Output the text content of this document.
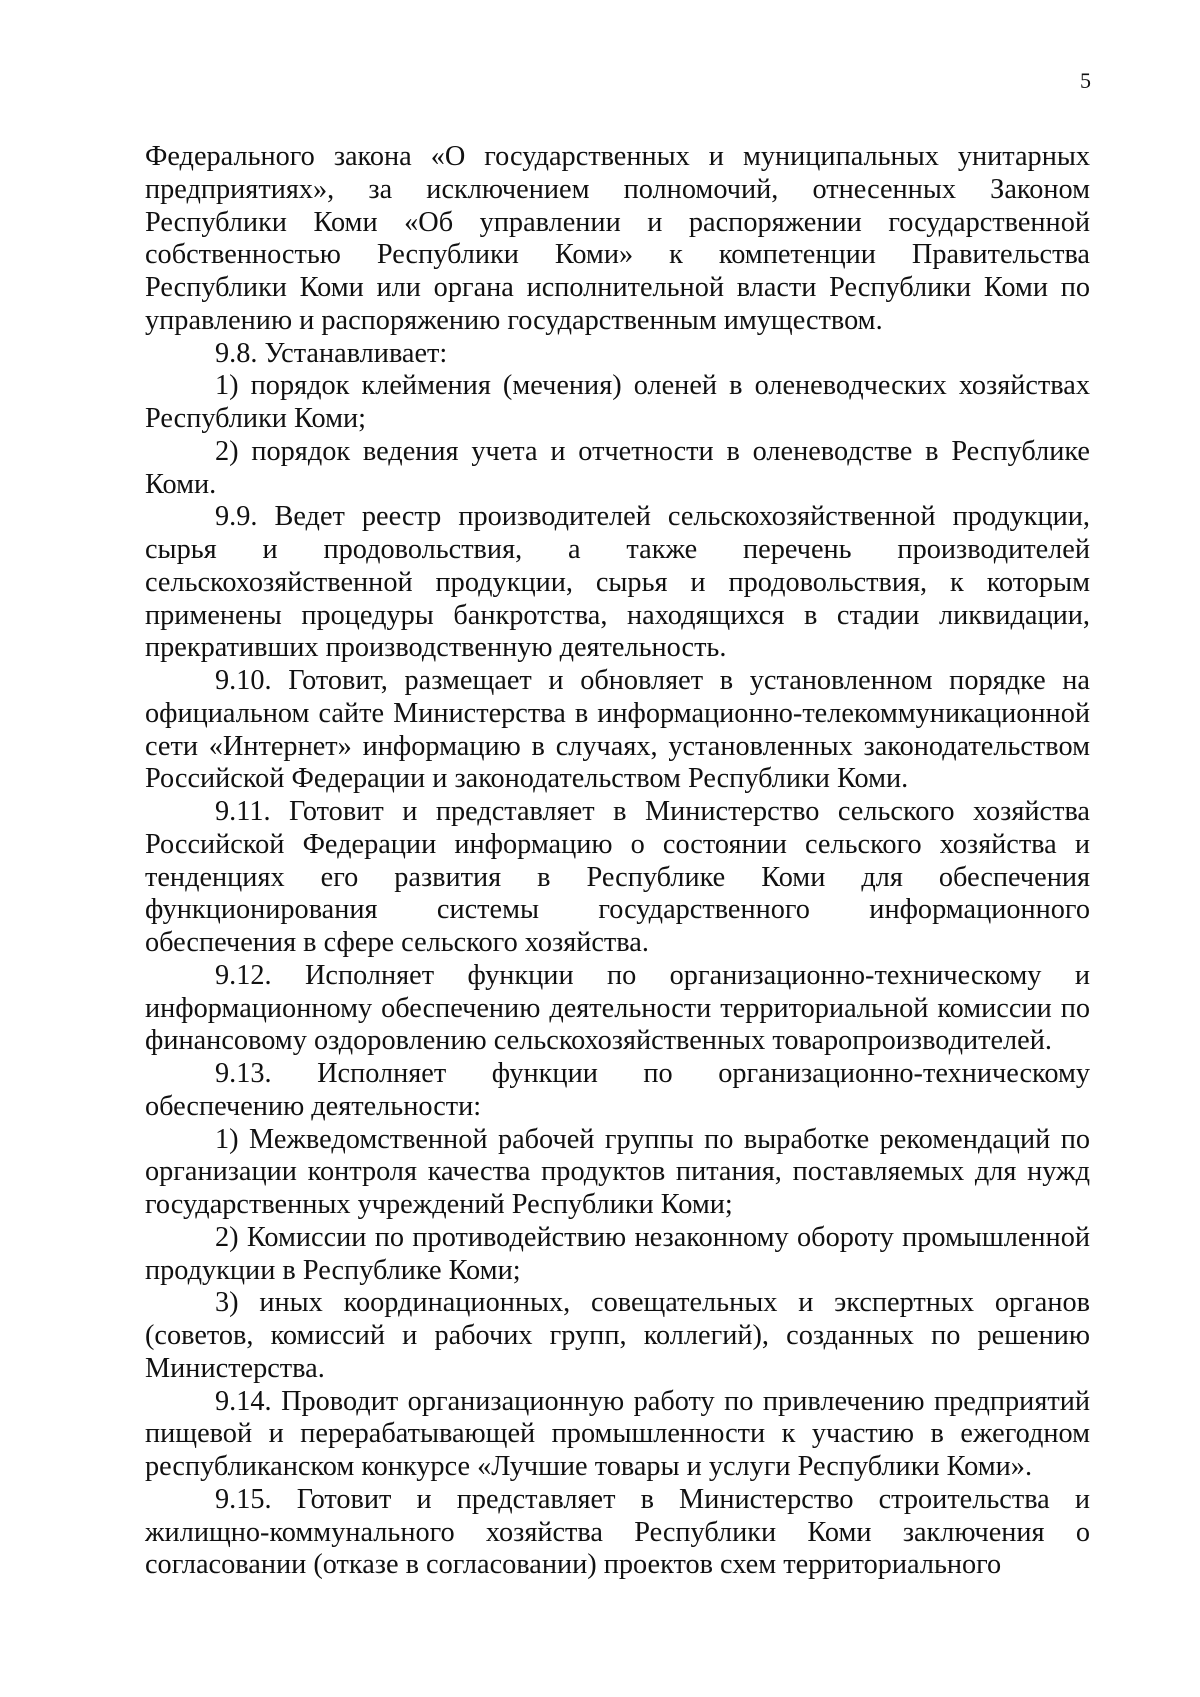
5

Федерального закона «О государственных и муниципальных унитарных предприятиях», за исключением полномочий, отнесенных Законом Республики Коми «Об управлении и распоряжении государственной собственностью Республики Коми» к компетенции Правительства Республики Коми или органа исполнительной власти Республики Коми по управлению и распоряжению государственным имуществом.

9.8. Устанавливает:

1) порядок клеймения (мечения) оленей в оленеводческих хозяйствах Республики Коми;

2) порядок ведения учета и отчетности в оленеводстве в Республике Коми.

9.9. Ведет реестр производителей сельскохозяйственной продукции, сырья и продовольствия, а также перечень производителей сельскохозяйственной продукции, сырья и продовольствия, к которым применены процедуры банкротства, находящихся в стадии ликвидации, прекративших производственную деятельность.

9.10. Готовит, размещает и обновляет в установленном порядке на официальном сайте Министерства в информационно-телекоммуникационной сети «Интернет» информацию в случаях, установленных законодательством Российской Федерации и законодательством Республики Коми.

9.11. Готовит и представляет в Министерство сельского хозяйства Российской Федерации информацию о состоянии сельского хозяйства и тенденциях его развития в Республике Коми для обеспечения функционирования системы государственного информационного обеспечения в сфере сельского хозяйства.

9.12. Исполняет функции по организационно-техническому и информационному обеспечению деятельности территориальной комиссии по финансовому оздоровлению сельскохозяйственных товаропроизводителей.

9.13. Исполняет функции по организационно-техническому обеспечению деятельности:

1) Межведомственной рабочей группы по выработке рекомендаций по организации контроля качества продуктов питания, поставляемых для нужд государственных учреждений Республики Коми;

2) Комиссии по противодействию незаконному обороту промышленной продукции в Республике Коми;

3) иных координационных, совещательных и экспертных органов (советов, комиссий и рабочих групп, коллегий), созданных по решению Министерства.

9.14. Проводит организационную работу по привлечению предприятий пищевой и перерабатывающей промышленности к участию в ежегодном республиканском конкурсе «Лучшие товары и услуги Республики Коми».

9.15. Готовит и представляет в Министерство строительства и жилищно-коммунального хозяйства Республики Коми заключения о согласовании (отказе в согласовании) проектов схем территориального
